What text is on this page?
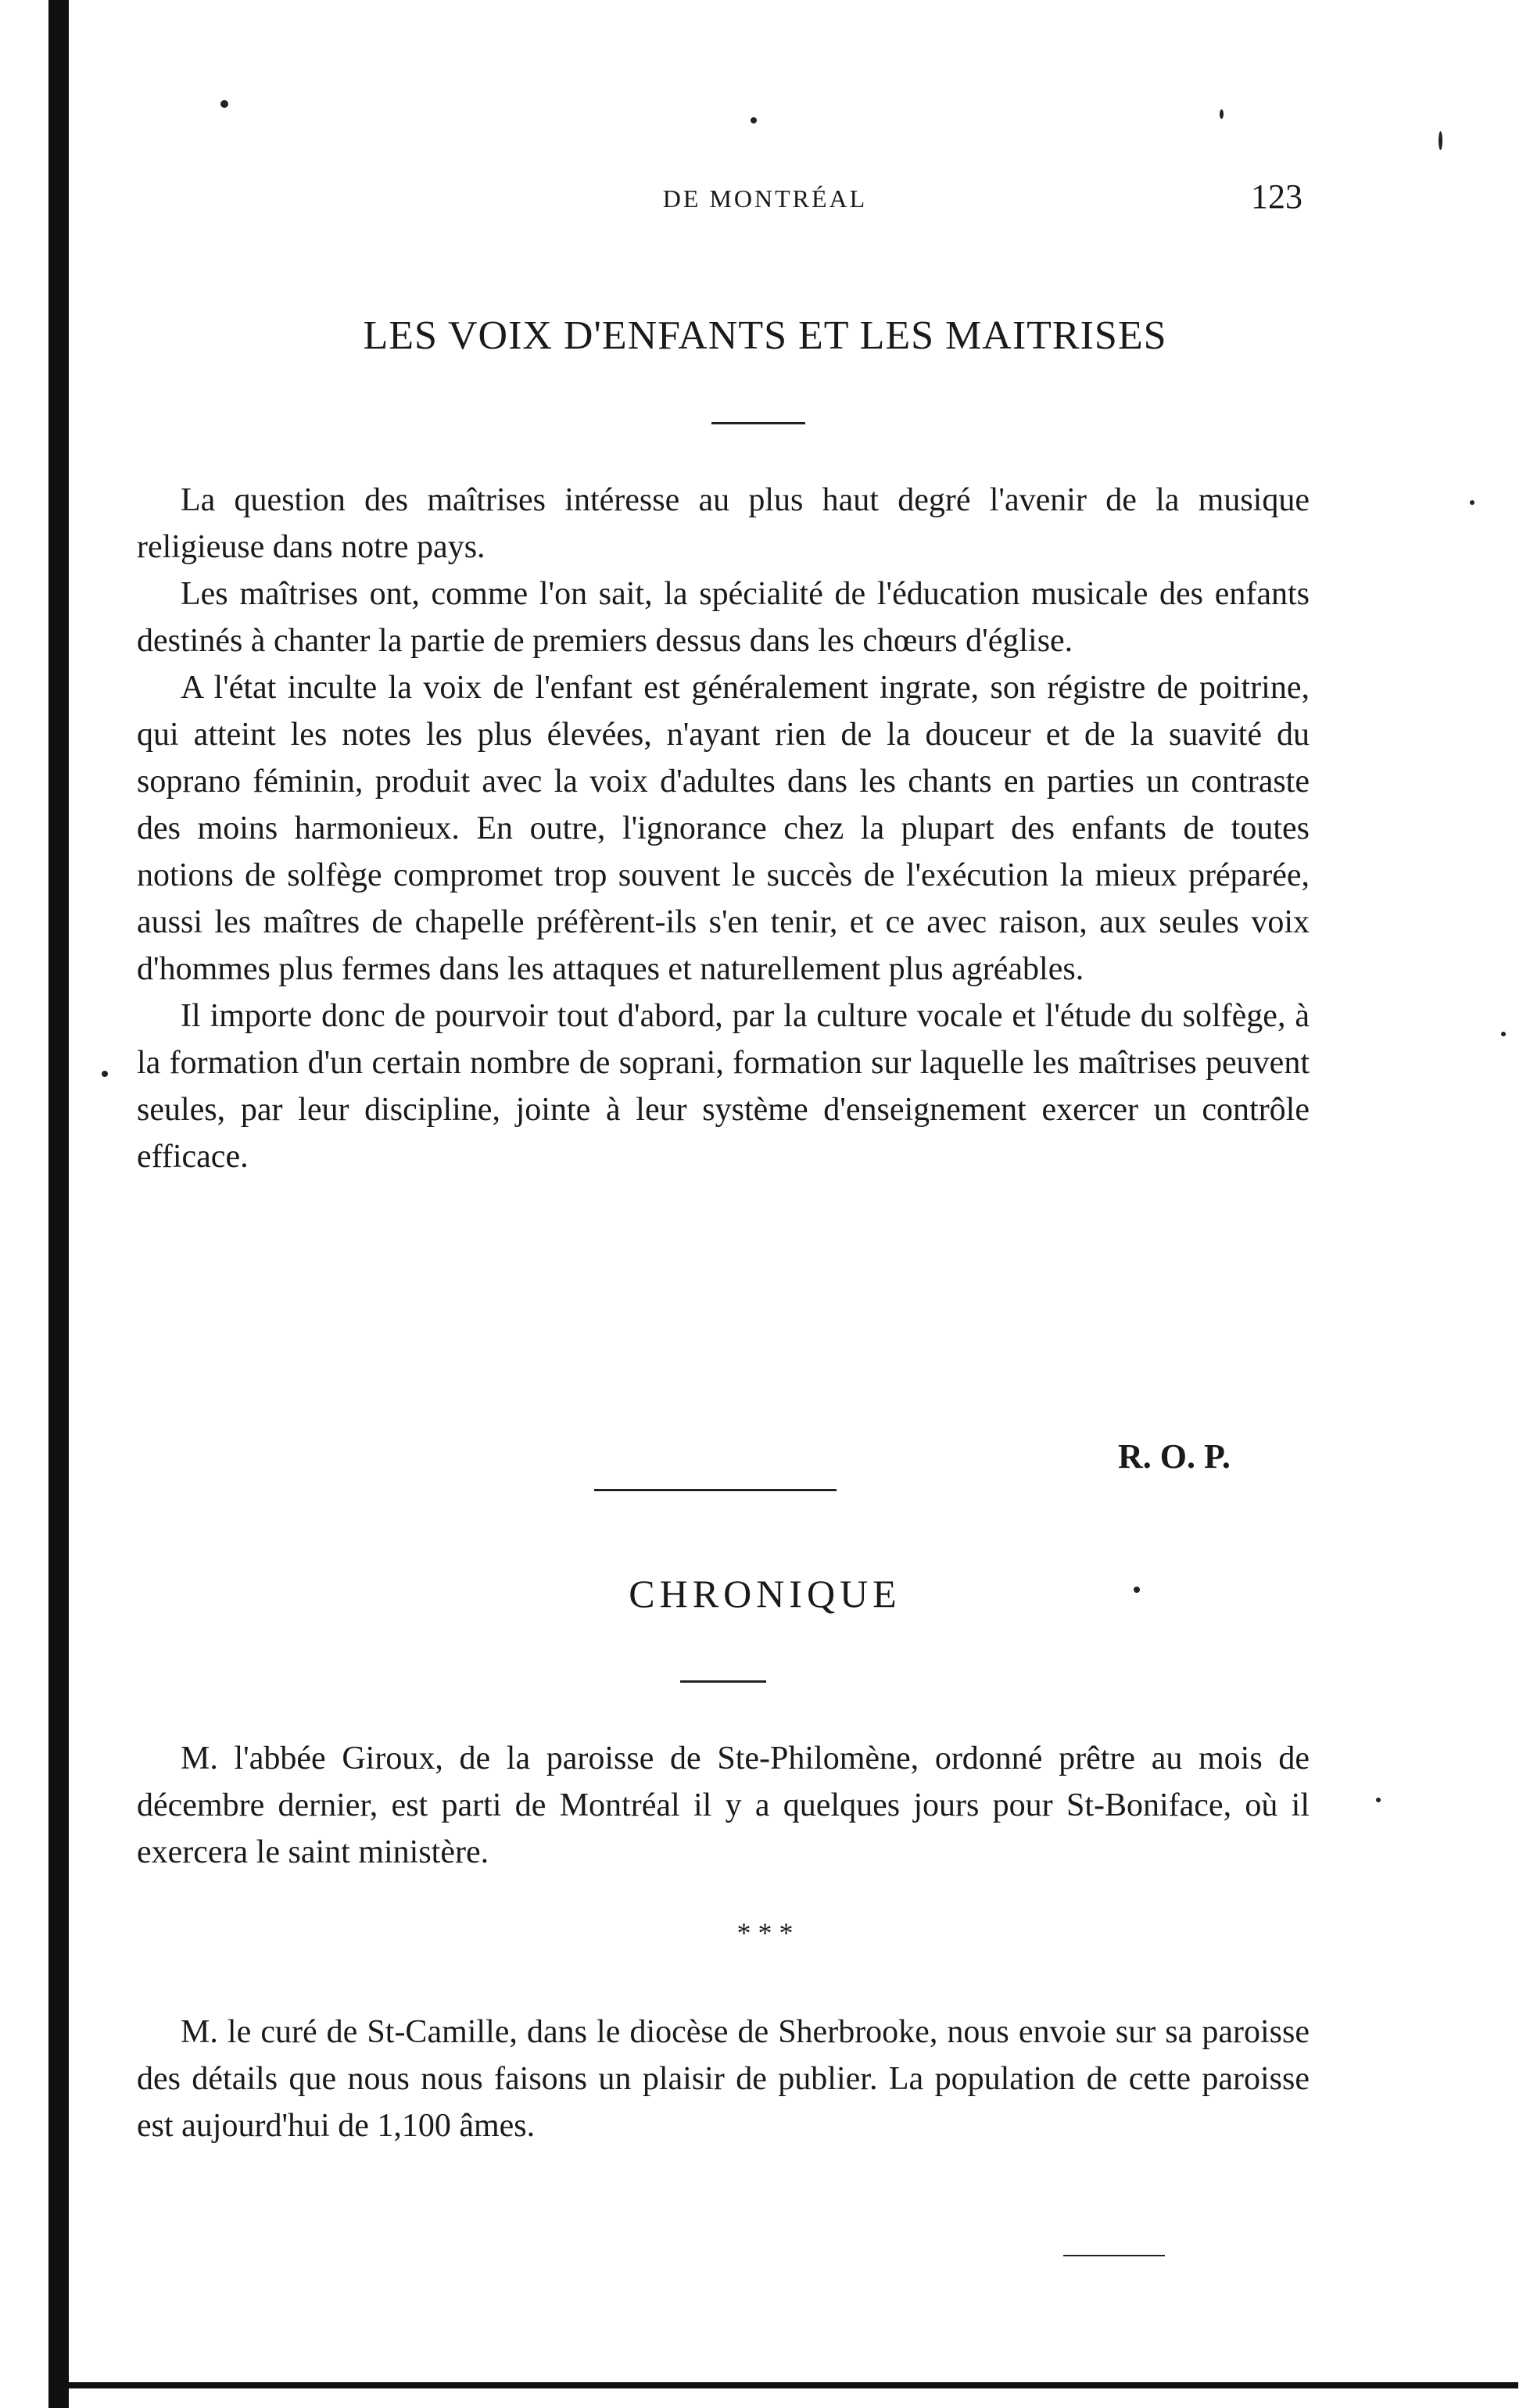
DE MONTRÉAL	123
LES VOIX D'ENFANTS ET LES MAITRISES

La question des maîtrises intéresse au plus haut degré l'avenir de la musique religieuse dans notre pays.

Les maîtrises ont, comme l'on sait, la spécialité de l'éducation musicale des enfants destinés à chanter la partie de premiers dessus dans les chœurs d'église.

A l'état inculte la voix de l'enfant est généralement ingrate, son régistre de poitrine, qui atteint les notes les plus élevées, n'ayant rien de la douceur et de la suavité du soprano féminin, produit avec la voix d'adultes dans les chants en parties un contraste des moins harmonieux. En outre, l'ignorance chez la plupart des enfants de toutes notions de solfège compromet trop souvent le succès de l'exécution la mieux préparée, aussi les maîtres de chapelle préfèrent-ils s'en tenir, et ce avec raison, aux seules voix d'hommes plus fermes dans les attaques et naturellement plus agréables.

Il importe donc de pourvoir tout d'abord, par la culture vocale et l'étude du solfège, à la formation d'un certain nombre de soprani, formation sur laquelle les maîtrises peuvent seules, par leur discipline, jointe à leur système d'enseignement exercer un contrôle efficace.

R. O. P.
CHRONIQUE

M. l'abbée Giroux, de la paroisse de Ste-Philomène, ordonné prêtre au mois de décembre dernier, est parti de Montréal il y a quelques jours pour St-Boniface, où il exercera le saint ministère.

* * *

M. le curé de St-Camille, dans le diocèse de Sherbrooke, nous envoie sur sa paroisse des détails que nous nous faisons un plaisir de publier. La population de cette paroisse est aujourd'hui de 1,100 âmes.
